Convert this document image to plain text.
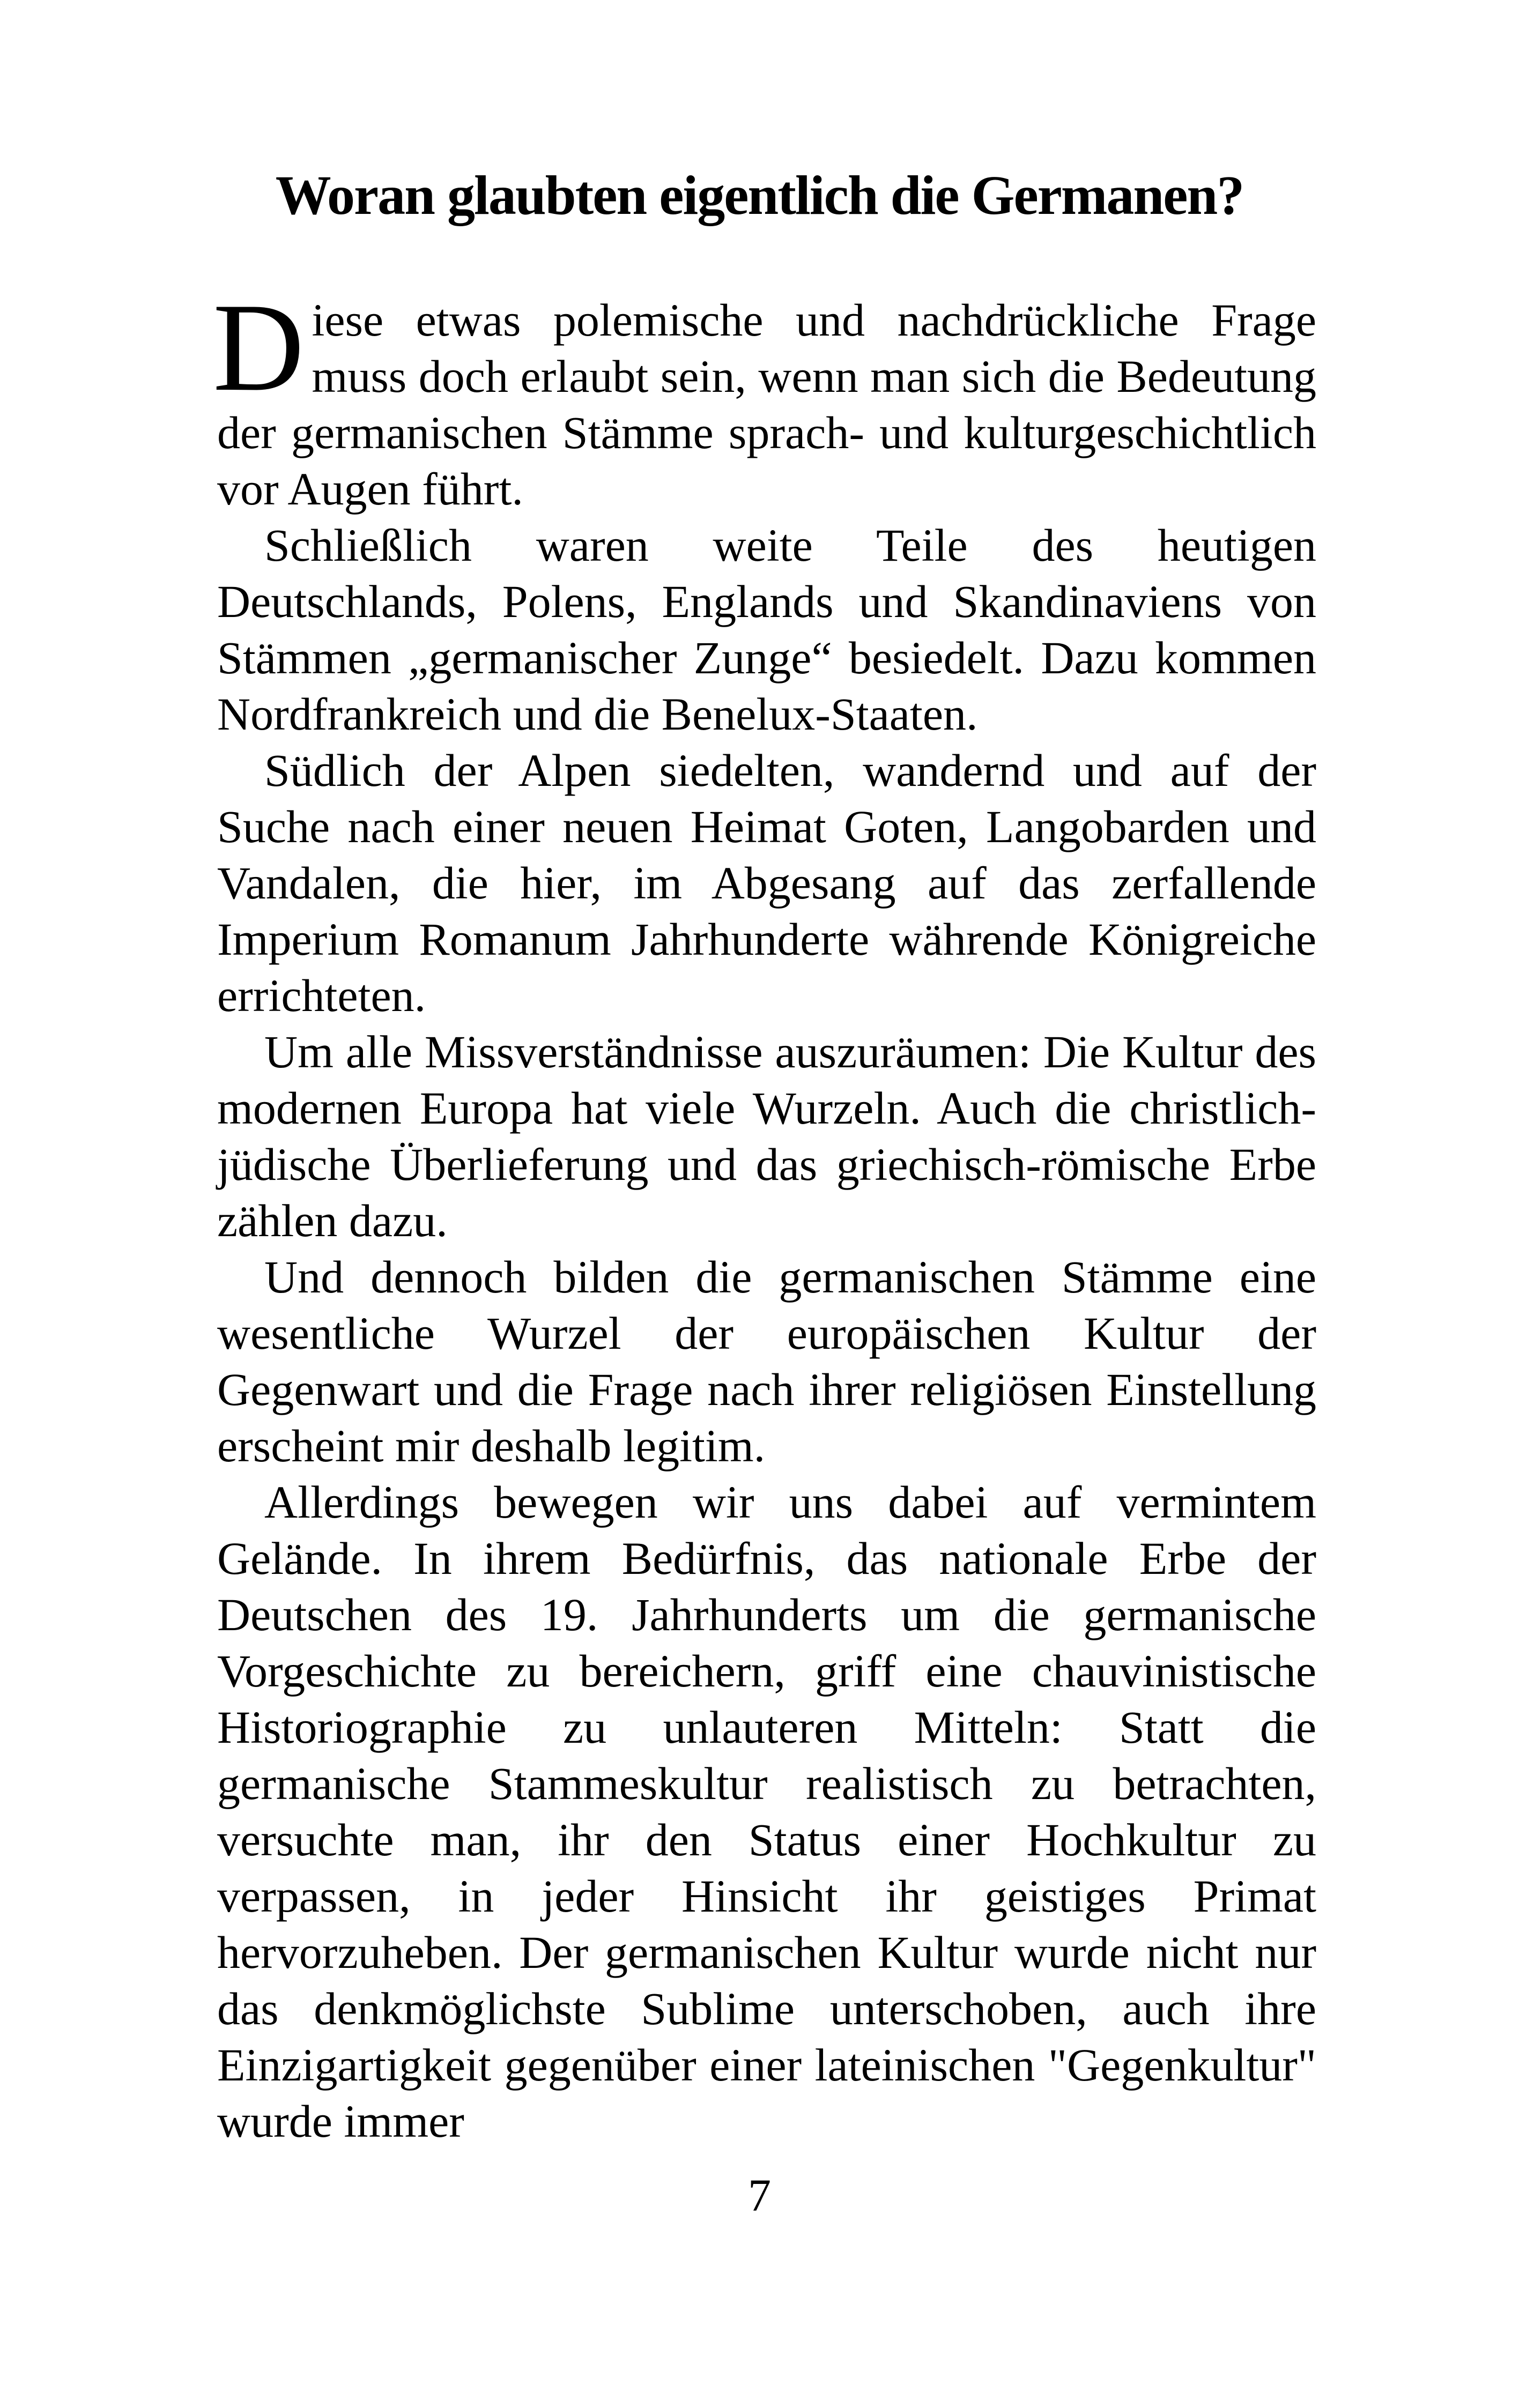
Woran glaubten eigentlich die Germanen?

Diese etwas polemische und nachdrückliche Frage muss doch erlaubt sein, wenn man sich die Bedeutung der germanischen Stämme sprach- und kulturgeschichtlich vor Augen führt.

Schließlich waren weite Teile des heutigen Deutschlands, Polens, Englands und Skandinaviens von Stämmen „germanischer Zunge“ besiedelt. Dazu kommen Nordfrankreich und die Benelux-Staaten.

Südlich der Alpen siedelten, wandernd und auf der Suche nach einer neuen Heimat Goten, Langobarden und Vandalen, die hier, im Abgesang auf das zerfallende Imperium Romanum Jahrhunderte währende Königreiche errichteten.

Um alle Missverständnisse auszuräumen: Die Kultur des modernen Europa hat viele Wurzeln. Auch die christlich-jüdische Überlieferung und das griechisch-römische Erbe zählen dazu.

Und dennoch bilden die germanischen Stämme eine wesentliche Wurzel der europäischen Kultur der Gegenwart und die Frage nach ihrer religiösen Einstellung erscheint mir deshalb legitim.

Allerdings bewegen wir uns dabei auf vermintem Gelände. In ihrem Bedürfnis, das nationale Erbe der Deutschen des 19. Jahrhunderts um die germanische Vorgeschichte zu bereichern, griff eine chauvinistische Historiographie zu unlauteren Mitteln: Statt die germanische Stammeskultur realistisch zu betrachten, versuchte man, ihr den Status einer Hochkultur zu verpassen, in jeder Hinsicht ihr geistiges Primat hervorzuheben. Der germanischen Kultur wurde nicht nur das denkmöglichste Sublime unterschoben, auch ihre Einzigartigkeit gegenüber einer lateinischen "Gegenkultur" wurde immer

7
